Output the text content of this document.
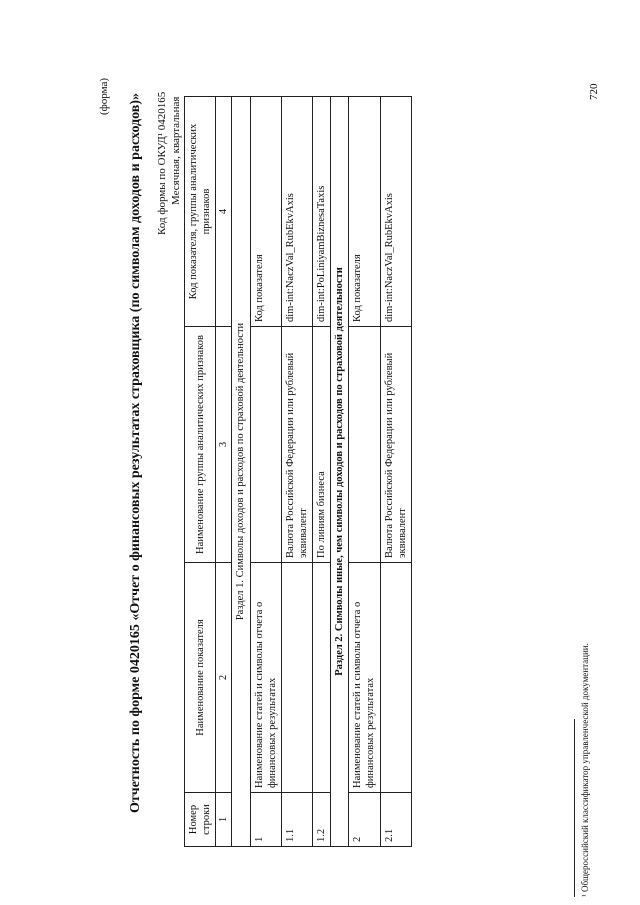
(форма) Отчетность по форме 0420165 «Отчет о финансовых результатах страховщика (по символам доходов и расходов)» Код формы по ОКУД¹ 0420165 Месячная, квартальная
Номер строки	Наименование показателя	Наименование группы аналитических признаков	Код показателя, группы аналитических признаков
1	2	3	4
Раздел 1. Символы доходов и расходов по страховой деятельности			
1	Наименование статей и символы отчета о финансовых результатах		Код показателя
1.1		Валюта Российской Федерации или рублевый эквивалент	dim-int:NaczVal_RubEkvAxis
1.2		По линиям бизнеса	dim-int:PoLiniyamBiznesaTaxis
Раздел 2. Символы иные, чем символы доходов и расходов по страховой деятельности			
2	Наименование статей и символы отчета о финансовых результатах		Код показателя
2.1		Валюта Российской Федерации или рублевый эквивалент	dim-int:NaczVal_RubEkvAxis
¹ Общероссийский классификатор управленческой документации.
720
